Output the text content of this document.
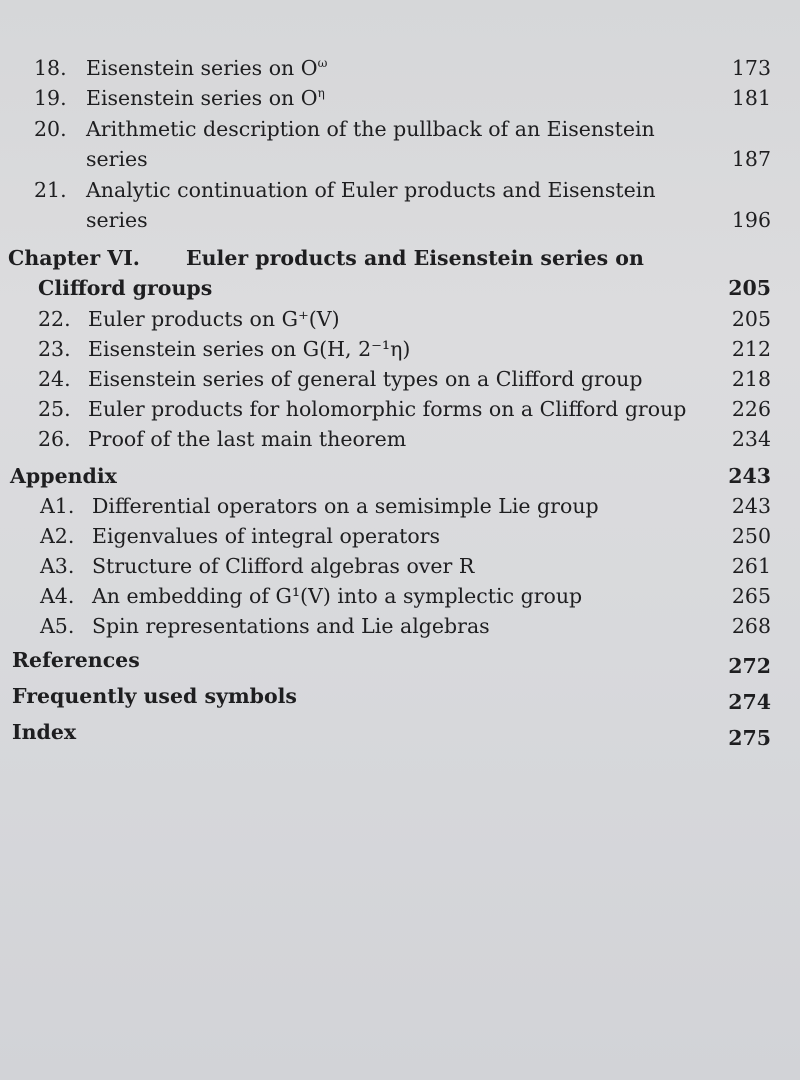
18. Eisenstein series on $O^\omega$	173
19. Eisenstein series on $O^\eta$	181
20. Arithmetic description of the pullback of an Eisenstein
series	187
21. Analytic continuation of Euler products and Eisenstein
series	196
Chapter VI. Euler products and Eisenstein series on
Clifford groups	205
22. Euler products on G⁺(V)	205
23. Eisenstein series on G(H, 2⁻¹η)	212
24. Eisenstein series of general types on a Clifford group	218
25. Euler products for holomorphic forms on a Clifford group 226
26. Proof of the last main theorem	234
Appendix	243
A1. Differential operators on a semisimple Lie group	243
A2. Eigenvalues of integral operators	250
A3. Structure of Clifford algebras over R	261
A4. An embedding of G¹(V) into a symplectic group	265
A5. Spin representations and Lie algebras	268
References	272
Frequently used symbols	274
Index	275
